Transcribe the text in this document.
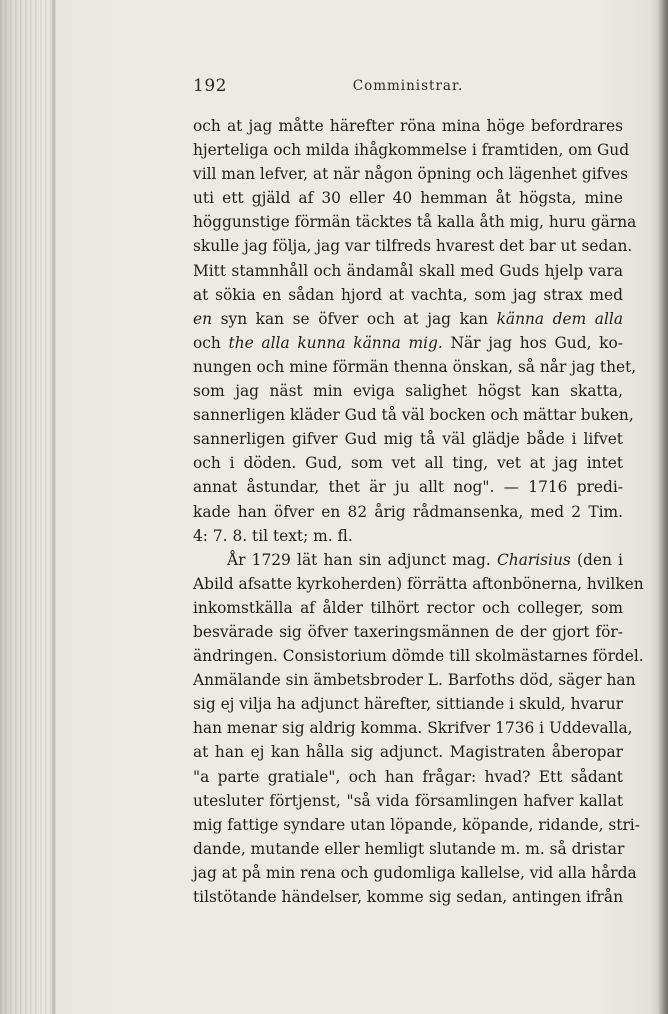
192	Comministrar.
och at jag måtte härefter röna mina höge befordrares
hjerteliga och milda ihågkommelse i framtiden, om Gud
vill man lefver, at när någon öpning och lägenhet gifves
uti ett gjäld af 30 eller 40 hemman åt högsta, mine
höggunstige förmän täcktes tå kalla åth mig, huru gärna
skulle jag följa, jag var tilfreds hvarest det bar ut sedan.
Mitt stamnhåll och ändamål skall med Guds hjelp vara
at sökia en sådan hjord at vachta, som jag strax med
en syn kan se öfver och at jag kan känna dem alla
och the alla kunna känna mig. När jag hos Gud, ko-
nungen och mine förmän thenna önskan, så når jag thet,
som jag näst min eviga salighet högst kan skatta,
sannerligen kläder Gud tå väl bocken och mättar buken,
sannerligen gifver Gud mig tå väl glädje både i lifvet
och i döden. Gud, som vet all ting, vet at jag intet
annat åstundar, thet är ju allt nog". — 1716 predi-
kade han öfver en 82 årig rådmansenka, med 2 Tim.
4: 7. 8. til text; m. fl.
År 1729 lät han sin adjunct mag. Charisius (den i
Abild afsatte kyrkoherden) förrätta aftonbönerna, hvilken
inkomstkälla af ålder tilhört rector och colleger, som
besvärade sig öfver taxeringsmännen de der gjort för-
ändringen. Consistorium dömde till skolmästarnes fördel.
Anmälande sin ämbetsbroder L. Barfoths död, säger han
sig ej vilja ha adjunct härefter, sittiande i skuld, hvarur
han menar sig aldrig komma. Skrifver 1736 i Uddevalla,
at han ej kan hålla sig adjunct. Magistraten åberopar
"a parte gratiale", och han frågar: hvad? Ett sådant
utesluter förtjenst, "så vida församlingen hafver kallat
mig fattige syndare utan löpande, köpande, ridande, stri-
dande, mutande eller hemligt slutande m. m. så dristar
jag at på min rena och gudomliga kallelse, vid alla hårda
tilstötande händelser, komme sig sedan, antingen ifrån
